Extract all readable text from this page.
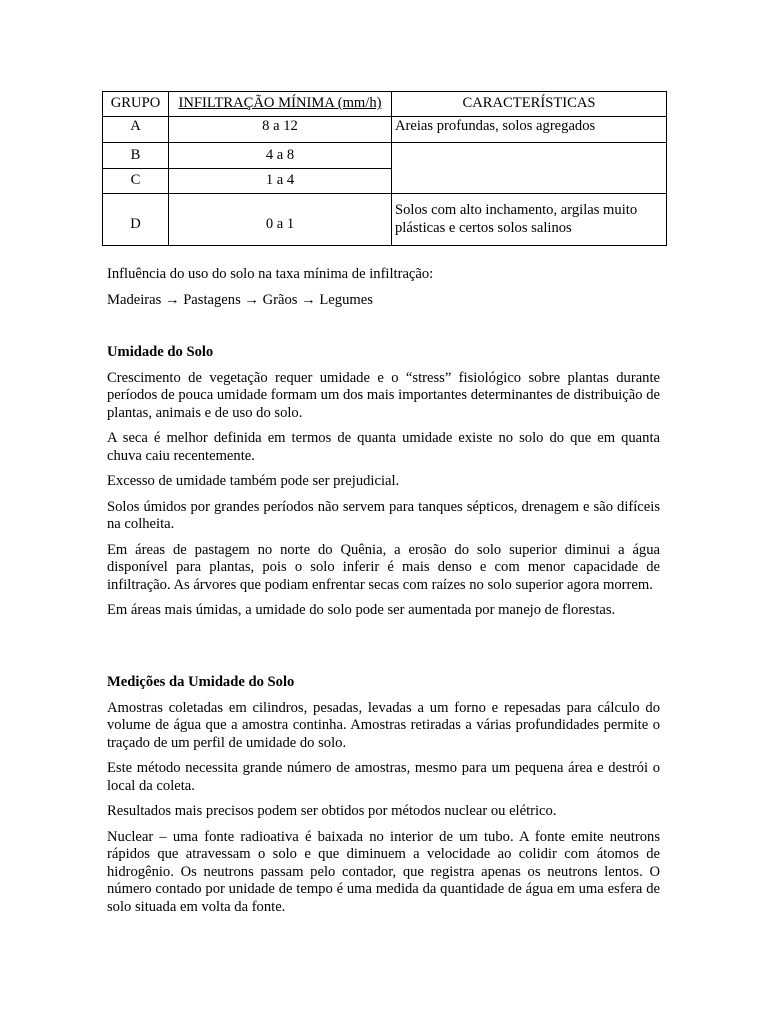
GRUPO	INFILTRAÇÃO MÍNIMA (mm/h)	CARACTERÍSTICAS
A	8 a 12	Areias profundas, solos agregados
B	4 a 8	
C	1 a 4	
D	0 a 1	Solos com alto inchamento, argilas muito plásticas e certos solos salinos

Influência do uso do solo na taxa mínima de infiltração:

Madeiras → Pastagens → Grãos → Legumes

Umidade do Solo

Crescimento de vegetação requer umidade e o “stress” fisiológico sobre plantas durante períodos de pouca umidade formam um dos mais importantes determinantes de distribuição de plantas, animais e de uso do solo.

A seca é melhor definida em termos de quanta umidade existe no solo do que em quanta chuva caiu recentemente.

Excesso de umidade também pode ser prejudicial.

Solos úmidos por grandes períodos não servem para tanques sépticos, drenagem e são difíceis na colheita.

Em áreas de pastagem no norte do Quênia, a erosão do solo superior diminui a água disponível para plantas, pois o solo inferir é mais denso e com menor capacidade de infiltração. As árvores que podiam enfrentar secas com raízes no solo superior agora morrem.

Em áreas mais úmidas, a umidade do solo pode ser aumentada por manejo de florestas.

Medições da Umidade do Solo

Amostras coletadas em cilindros, pesadas, levadas a um forno e repesadas para cálculo do volume de água que a amostra continha. Amostras retiradas a várias profundidades permite o traçado de um perfil de umidade do solo.

Este método necessita grande número de amostras, mesmo para um pequena área e destrói o local da coleta.

Resultados mais precisos podem ser obtidos por métodos nuclear ou elétrico.

Nuclear – uma fonte radioativa é baixada no interior de um tubo. A fonte emite neutrons rápidos que atravessam o solo e que diminuem a velocidade ao colidir com átomos de hidrogênio. Os neutrons passam pelo contador, que registra apenas os neutrons lentos. O número contado por unidade de tempo é uma medida da quantidade de água em uma esfera de solo situada em volta da fonte.
